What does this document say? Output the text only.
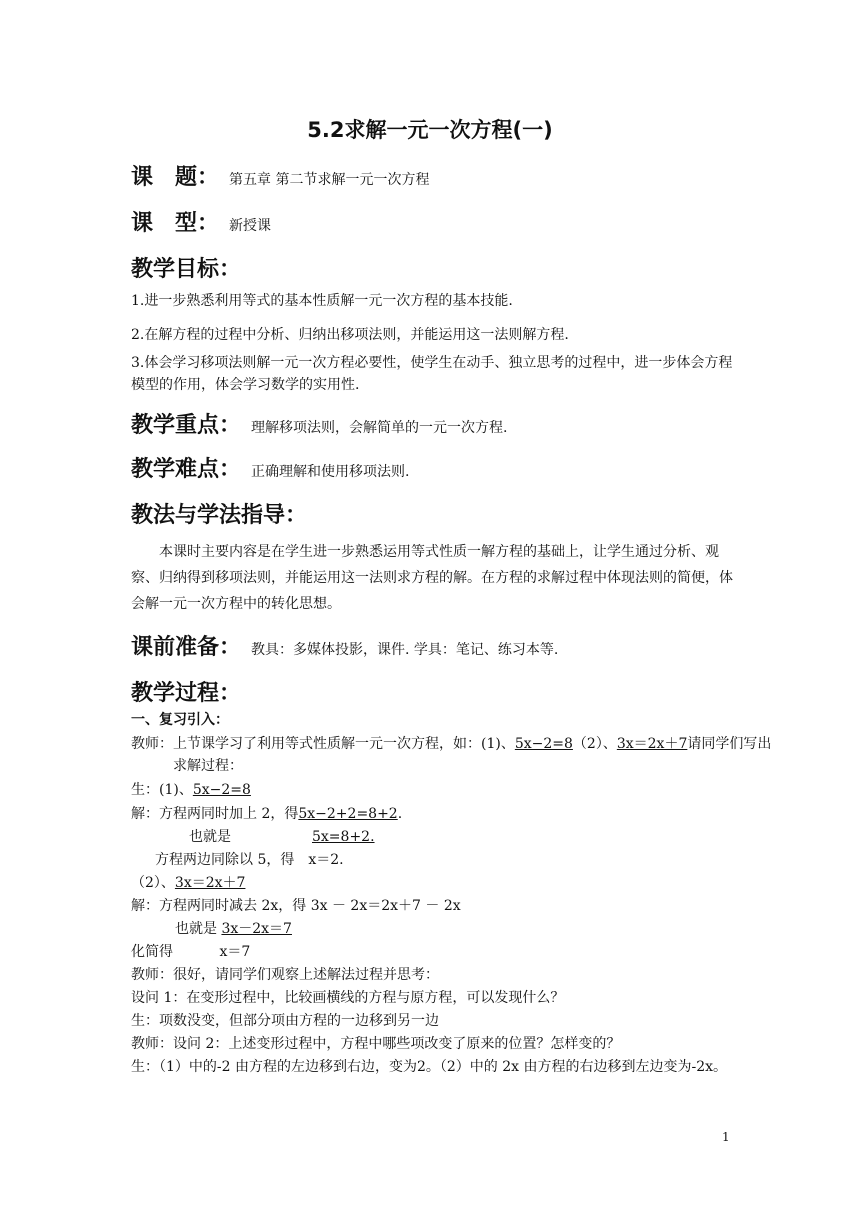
5.2求解一元一次方程(一)
课　题： 第五章 第二节求解一元一次方程
课　型： 新授课
教学目标：
1.进一步熟悉利用等式的基本性质解一元一次方程的基本技能.
2.在解方程的过程中分析、归纳出移项法则，并能运用这一法则解方程.
3.体会学习移项法则解一元一次方程必要性，使学生在动手、独立思考的过程中，进一步体会方程模型的作用，体会学习数学的实用性.
教学重点： 理解移项法则，会解简单的一元一次方程.
教学难点： 正确理解和使用移项法则.
教法与学法指导：
本课时主要内容是在学生进一步熟悉运用等式性质一解方程的基础上，让学生通过分析、观察、归纳得到移项法则，并能运用这一法则求方程的解。在方程的求解过程中体现法则的简便，体会解一元一次方程中的转化思想。
课前准备： 教具：多媒体投影，课件. 学具：笔记、练习本等.
教学过程：
一、复习引入：
教师：上节课学习了利用等式性质解一元一次方程，如：(1)、5x−2=8（2）、3x＝2x＋7请同学们写出求解过程：
生：(1)、5x−2=8
解：方程两同时加上 2，得5x−2+2=8+2.
也就是	5x=8+2.
方程两边同除以 5，得　x＝2.
（2）、3x＝2x＋7
解：方程两同时减去 2x，得 3x － 2x＝2x＋7 － 2x
也就是 3x－2x＝7
化简得　　　 x＝7
教师：很好，请同学们观察上述解法过程并思考：
设问 1：在变形过程中，比较画横线的方程与原方程，可以发现什么？
生：项数没变，但部分项由方程的一边移到另一边
教师：设问 2：上述变形过程中，方程中哪些项改变了原来的位置？怎样变的？
生：（1）中的-2 由方程的左边移到右边，变为2。（2）中的 2x 由方程的右边移到左边变为-2x。
1
